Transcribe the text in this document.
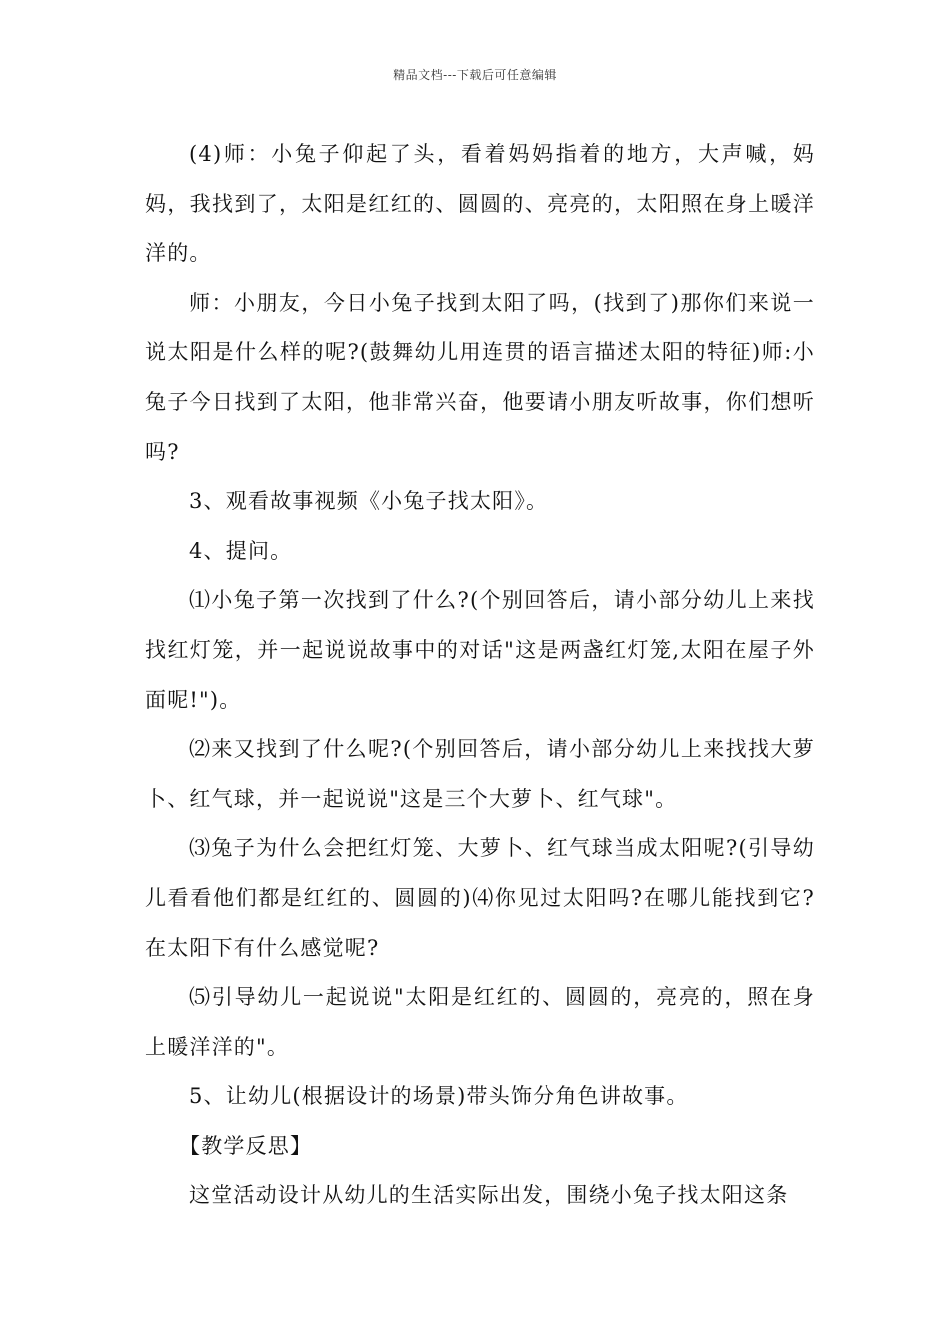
精品文档---下载后可任意编辑

(4)师：小兔子仰起了头，看着妈妈指着的地方，大声喊，妈妈，我找到了，太阳是红红的、圆圆的、亮亮的，太阳照在身上暖洋洋的。

师：小朋友，今日小兔子找到太阳了吗，(找到了)那你们来说一说太阳是什么样的呢?(鼓舞幼儿用连贯的语言描述太阳的特征)师:小兔子今日找到了太阳，他非常兴奋，他要请小朋友听故事，你们想听吗?

3、观看故事视频《小兔子找太阳》。

4、提问。

⑴小兔子第一次找到了什么?(个别回答后，请小部分幼儿上来找找红灯笼，并一起说说故事中的对话"这是两盏红灯笼,太阳在屋子外面呢!")。

⑵来又找到了什么呢?(个别回答后，请小部分幼儿上来找找大萝卜、红气球，并一起说说"这是三个大萝卜、红气球"。

⑶兔子为什么会把红灯笼、大萝卜、红气球当成太阳呢?(引导幼儿看看他们都是红红的、圆圆的)⑷你见过太阳吗?在哪儿能找到它?在太阳下有什么感觉呢?

⑸引导幼儿一起说说"太阳是红红的、圆圆的，亮亮的，照在身上暖洋洋的"。

5、让幼儿(根据设计的场景)带头饰分角色讲故事。

【教学反思】

这堂活动设计从幼儿的生活实际出发，围绕小兔子找太阳这条
